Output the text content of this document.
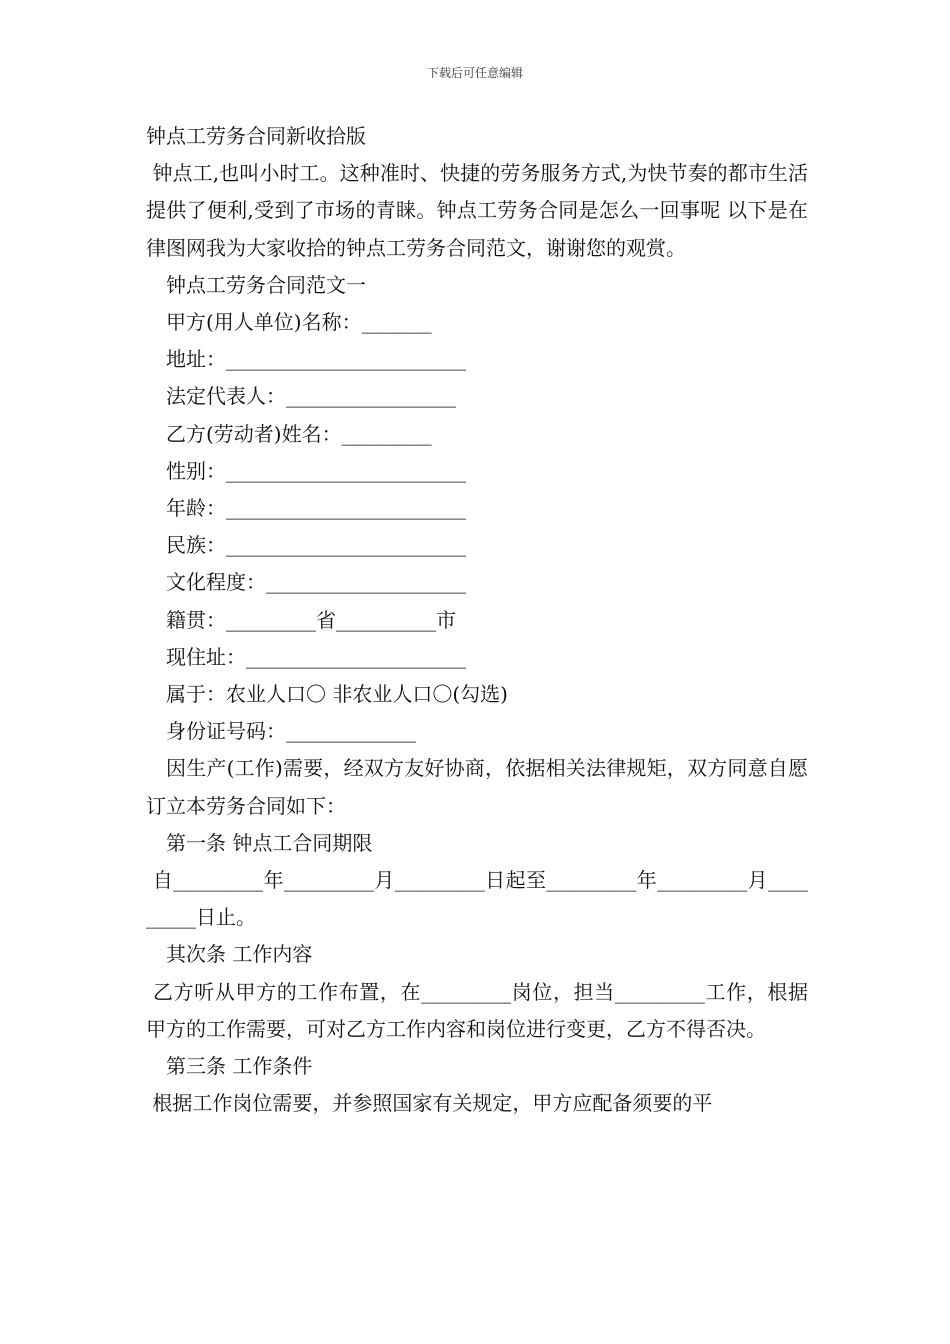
下载后可任意编辑

钟点工劳务合同新收拾版

钟点工,也叫小时工。这种准时、快捷的劳务服务方式,为快节奏的都市生活提供了便利,受到了市场的青睐。钟点工劳务合同是怎么一回事呢 以下是在律图网我为大家收拾的钟点工劳务合同范文，谢谢您的观赏。

钟点工劳务合同范文一

甲方(用人单位)名称：_______

地址：________________________

法定代表人：_________________

乙方(劳动者)姓名：_________

性别：________________________

年龄：________________________

民族：________________________

文化程度：____________________

籍贯：_________省__________市

现住址：______________________

属于：农业人口〇 非农业人口〇(勾选)

身份证号码：_____________

因生产(工作)需要，经双方友好协商，依据相关法律规矩，双方同意自愿订立本劳务合同如下：

第一条 钟点工合同期限

自_________年_________月_________日起至_________年_________月_________日止。

其次条 工作内容

乙方听从甲方的工作布置，在_________岗位，担当_________工作，根据甲方的工作需要，可对乙方工作内容和岗位进行变更，乙方不得否决。

第三条 工作条件

根据工作岗位需要，并参照国家有关规定，甲方应配备须要的平
